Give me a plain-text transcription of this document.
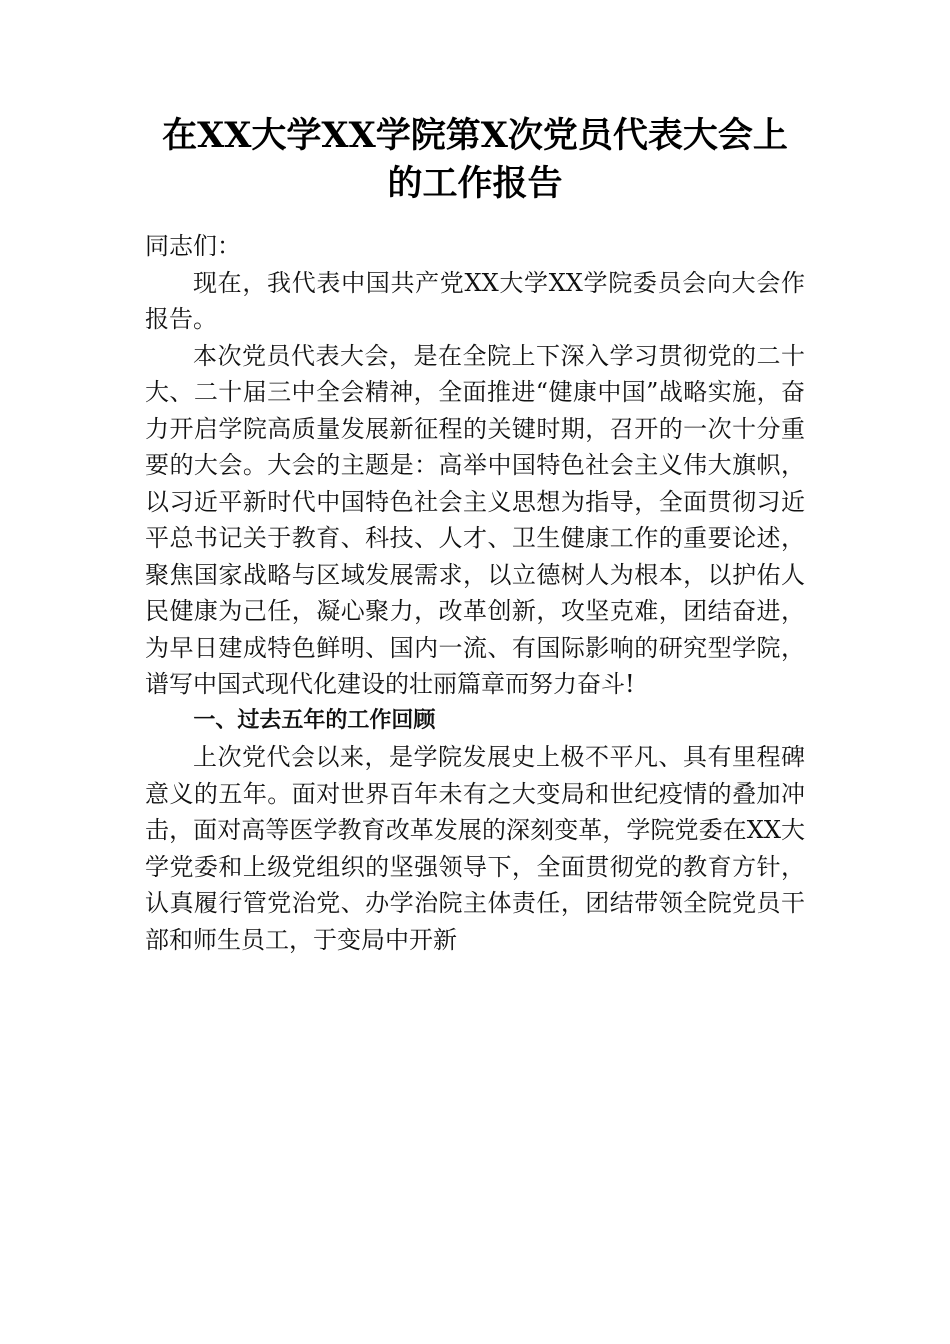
在XX大学XX学院第X次党员代表大会上
的工作报告

同志们：

现在，我代表中国共产党XX大学XX学院委员会向大会作报告。

本次党员代表大会，是在全院上下深入学习贯彻党的二十大、二十届三中全会精神，全面推进“健康中国”战略实施，奋力开启学院高质量发展新征程的关键时期，召开的一次十分重要的大会。大会的主题是：高举中国特色社会主义伟大旗帜，以习近平新时代中国特色社会主义思想为指导，全面贯彻习近平总书记关于教育、科技、人才、卫生健康工作的重要论述，聚焦国家战略与区域发展需求，以立德树人为根本，以护佑人民健康为己任，凝心聚力，改革创新，攻坚克难，团结奋进，为早日建成特色鲜明、国内一流、有国际影响的研究型学院，谱写中国式现代化建设的壮丽篇章而努力奋斗!

一、过去五年的工作回顾

上次党代会以来，是学院发展史上极不平凡、具有里程碑意义的五年。面对世界百年未有之大变局和世纪疫情的叠加冲击，面对高等医学教育改革发展的深刻变革，学院党委在XX大学党委和上级党组织的坚强领导下，全面贯彻党的教育方针，认真履行管党治党、办学治院主体责任，团结带领全院党员干部和师生员工，于变局中开新
